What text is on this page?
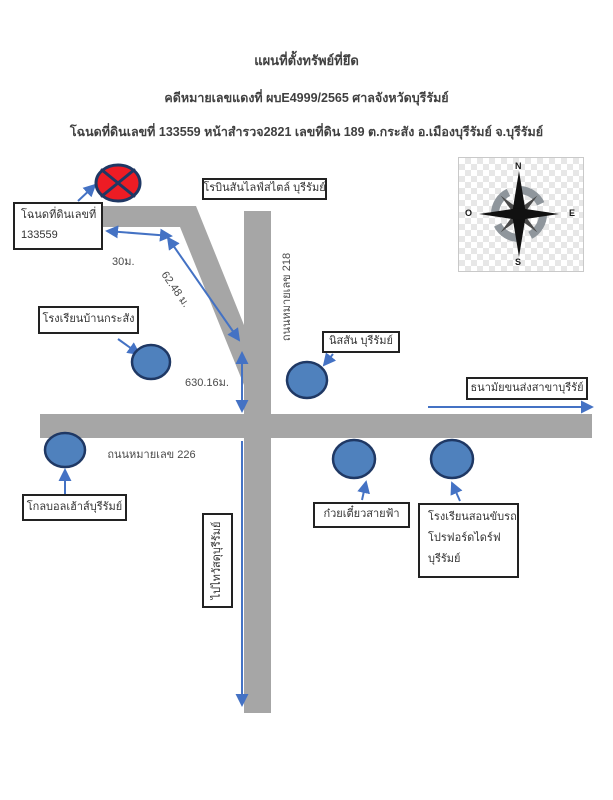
แผนที่ตั้งทรัพย์ที่ยึด
คดีหมายเลขแดงที่ ผบE4999/2565 ศาลจังหวัดบุรีรัมย์
โฉนดที่ดินเลขที่ 133559 หน้าสำรวจ2821 เลขที่ดิน 189 ต.กระสัง อ.เมืองบุรีรัมย์ จ.บุรีรัมย์
โฉนดที่ดินเลขที่
133559
โรบินสันไลฟ์สไตล์ บุรีรัมย์
โรงเรียนบ้านกระสัง
นิสสัน บุรีรัมย์
ธนามัยขนส่งสาขาบุรีรัย์
โกลบอลเฮ้าส์บุรีรัมย์
ก๋วยเตี๋ยวสายฟ้า	โรงเรียนสอนขับรถ
โปรฟอร์ดไดร์ฟ
บุรีรัมย์
ไปไทวัสดุบุรีรัมย์
ถนนหมายเลข 218
ถนนหมายเลข 226
30ม.
62.48 ม.
630.16ม.
N
S
E
O
